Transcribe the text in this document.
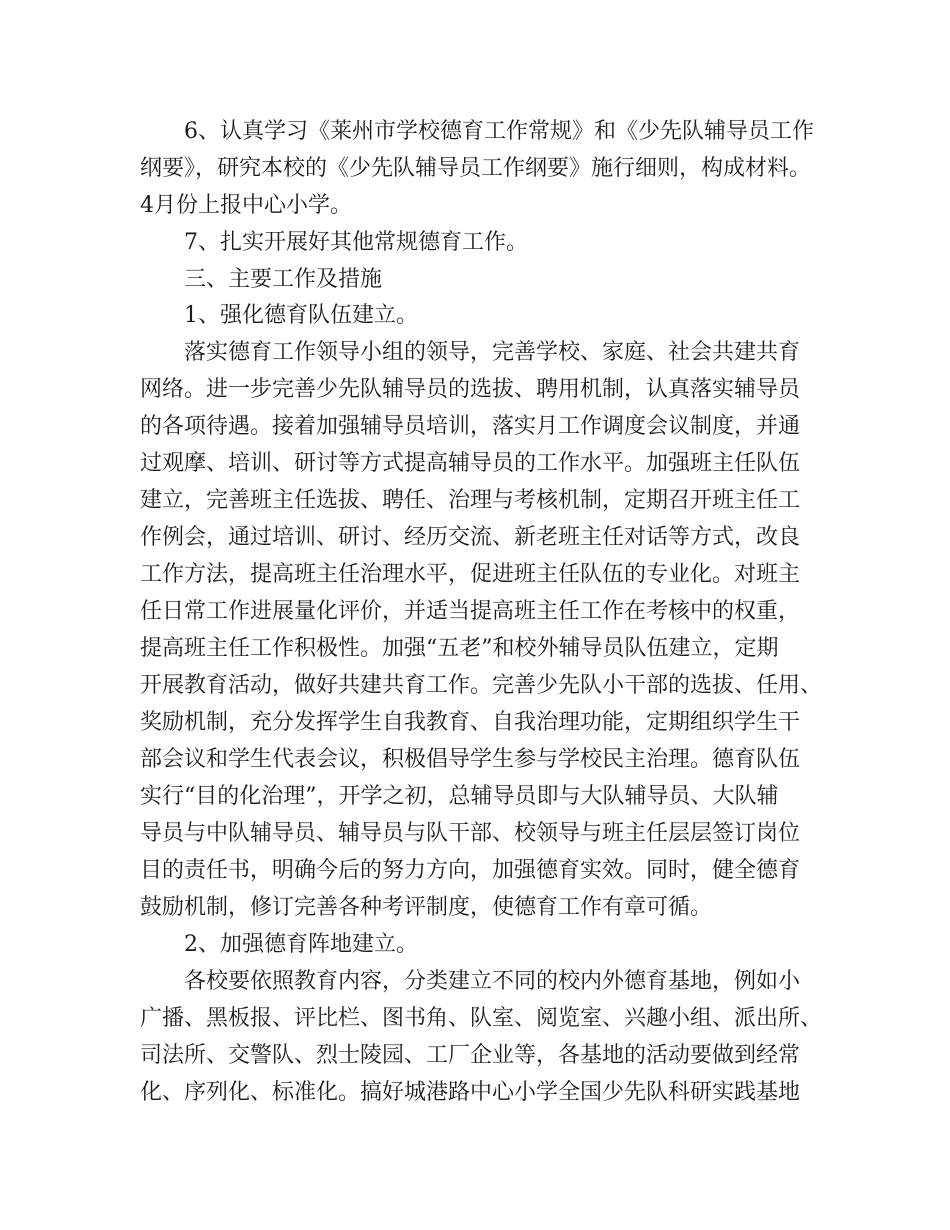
6、认真学习《莱州市学校德育工作常规》和《少先队辅导员工作
纲要》，研究本校的《少先队辅导员工作纲要》施行细则，构成材料。
4月份上报中心小学。
7、扎实开展好其他常规德育工作。
三、主要工作及措施
1、强化德育队伍建立。
落实德育工作领导小组的领导，完善学校、家庭、社会共建共育
网络。进一步完善少先队辅导员的选拔、聘用机制，认真落实辅导员
的各项待遇。接着加强辅导员培训，落实月工作调度会议制度，并通
过观摩、培训、研讨等方式提高辅导员的工作水平。加强班主任队伍
建立，完善班主任选拔、聘任、治理与考核机制，定期召开班主任工
作例会，通过培训、研讨、经历交流、新老班主任对话等方式，改良
工作方法，提高班主任治理水平，促进班主任队伍的专业化。对班主
任日常工作进展量化评价，并适当提高班主任工作在考核中的权重，
提高班主任工作积极性。加强“五老”和校外辅导员队伍建立，定期
开展教育活动，做好共建共育工作。完善少先队小干部的选拔、任用、
奖励机制，充分发挥学生自我教育、自我治理功能，定期组织学生干
部会议和学生代表会议，积极倡导学生参与学校民主治理。德育队伍
实行“目的化治理”，开学之初，总辅导员即与大队辅导员、大队辅
导员与中队辅导员、辅导员与队干部、校领导与班主任层层签订岗位
目的责任书，明确今后的努力方向，加强德育实效。同时，健全德育
鼓励机制，修订完善各种考评制度，使德育工作有章可循。
2、加强德育阵地建立。
各校要依照教育内容，分类建立不同的校内外德育基地，例如小
广播、黑板报、评比栏、图书角、队室、阅览室、兴趣小组、派出所、
司法所、交警队、烈士陵园、工厂企业等，各基地的活动要做到经常
化、序列化、标准化。搞好城港路中心小学全国少先队科研实践基地
